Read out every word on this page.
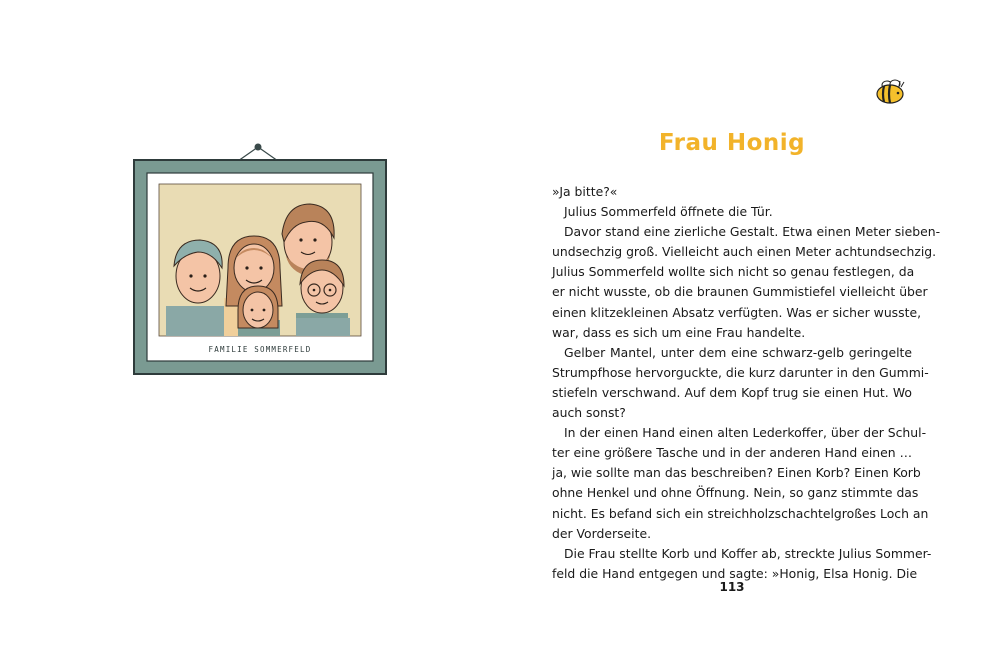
FAMILIE SOMMERFELD
Frau Honig
»Ja bitte?«
Julius Sommerfeld öffnete die Tür.
Davor stand eine zierliche Gestalt. Etwa einen Meter sieben-
undsechzig groß. Vielleicht auch einen Meter achtundsechzig.
Julius Sommerfeld wollte sich nicht so genau festlegen, da
er nicht wusste, ob die braunen Gummistiefel vielleicht über
einen klitzekleinen Absatz verfügten. Was er sicher wusste,
war, dass es sich um eine Frau handelte.
Gelber Mantel, unter dem eine schwarz-gelb geringelte
Strumpfhose hervorguckte, die kurz darunter in den Gummi-
stiefeln verschwand. Auf dem Kopf trug sie einen Hut. Wo
auch sonst?
In der einen Hand einen alten Lederkoffer, über der Schul-
ter eine größere Tasche und in der anderen Hand einen …
ja, wie sollte man das beschreiben? Einen Korb? Einen Korb
ohne Henkel und ohne Öffnung. Nein, so ganz stimmte das
nicht. Es befand sich ein streichholzschachtelgroßes Loch an
der Vorderseite.
Die Frau stellte Korb und Koffer ab, streckte Julius Sommer-
feld die Hand entgegen und sagte: »Honig, Elsa Honig. Die
113
